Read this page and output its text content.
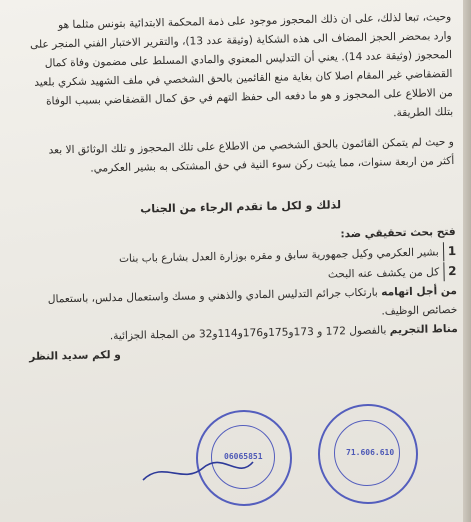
وحيث، تبعا لذلك، على ان ذلك المحجوز موجود على ذمة المحكمة الابتدائية بتونس مثلما هو

وارد بمحضر الحجز المضاف الى هذه الشكاية (وثيقة عدد 13)، والتقرير الاختبار الفني المنجر على

المحجوز (وثيقة عدد 14). يعني أن التدليس المعنوي والمادي المسلط على مضمون وفاة كمال

القضقاضي غير المقام اصلا كان بغاية منع القائمين بالحق الشخصي في ملف الشهيد شكري بلعيد

من الاطلاع على المحجوز و هو ما دفعه الى حفظ التهم في حق كمال القضقاضي بسبب الوفاة

بتلك الطريقة.

و حيث لم يتمكن القائمون بالحق الشخصي من الاطلاع على تلك المحجوز و تلك الوثائق الا بعد

أكثر من اربعة سنوات، مما يثبت ركن سوء النية في حق المشتكى به بشير العكرمي.

لذلك و لكل ما تقدم الرجاء من الجناب

فتح بحث تحقيقي ضد:

1بشير العكرمي وكيل جمهورية سابق و مقره بوزارة العدل بشارع باب بنات

2كل من يكشف عنه البحث

من أجل اتهامه بارتكاب جرائم التدليس المادي والذهني و مسك واستعمال مدلس، باستعمال

خصائص الوظيف.

مناط التجريم بالفصول 172 و 173و175و176و114و32 من المجلة الجزائية.

و لكم سديد النظر

71.606.610
06065851
